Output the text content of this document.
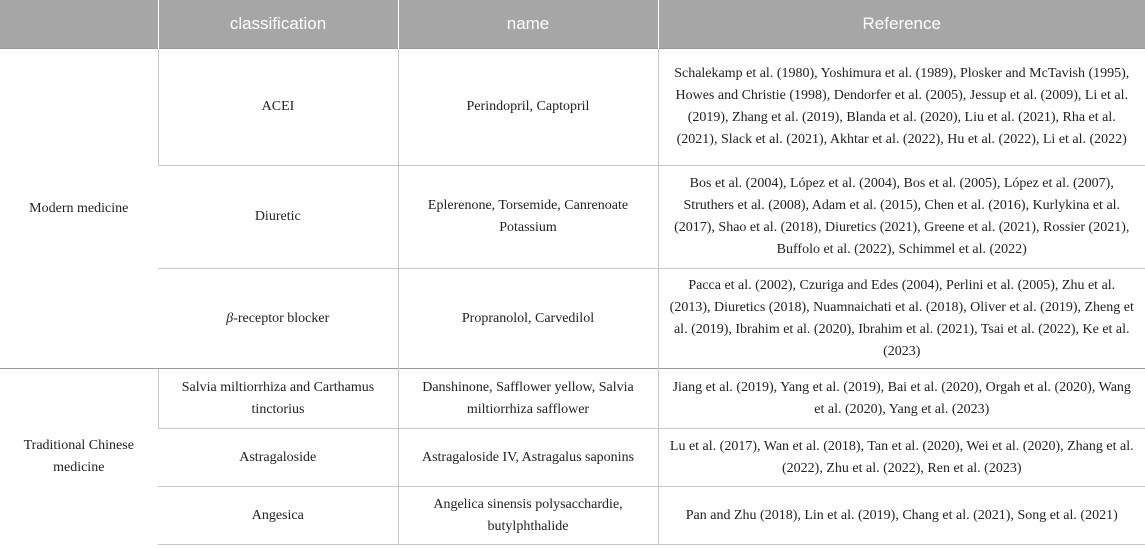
	classification	name	Reference
Modern medicine	ACEI	Perindopril, Captopril	Schalekamp et al. (1980), Yoshimura et al. (1989), Plosker and McTavish (1995), Howes and Christie (1998), Dendorfer et al. (2005), Jessup et al. (2009), Li et al. (2019), Zhang et al. (2019), Blanda et al. (2020), Liu et al. (2021), Rha et al. (2021), Slack et al. (2021), Akhtar et al. (2022), Hu et al. (2022), Li et al. (2022)
	Diuretic	Eplerenone, Torsemide, Canrenoate Potassium	Bos et al. (2004), López et al. (2004), Bos et al. (2005), López et al. (2007), Struthers et al. (2008), Adam et al. (2015), Chen et al. (2016), Kurlykina et al. (2017), Shao et al. (2018), Diuretics (2021), Greene et al. (2021), Rossier (2021), Buffolo et al. (2022), Schimmel et al. (2022)
	β-receptor blocker	Propranolol, Carvedilol	Pacca et al. (2002), Czuriga and Edes (2004), Perlini et al. (2005), Zhu et al. (2013), Diuretics (2018), Nuamnaichati et al. (2018), Oliver et al. (2019), Zheng et al. (2019), Ibrahim et al. (2020), Ibrahim et al. (2021), Tsai et al. (2022), Ke et al. (2023)
Traditional Chinese medicine	Salvia miltiorrhiza and Carthamus tinctorius	Danshinone, Safflower yellow, Salvia miltiorrhiza safflower	Jiang et al. (2019), Yang et al. (2019), Bai et al. (2020), Orgah et al. (2020), Wang et al. (2020), Yang et al. (2023)
	Astragaloside	Astragaloside IV, Astragalus saponins	Lu et al. (2017), Wan et al. (2018), Tan et al. (2020), Wei et al. (2020), Zhang et al. (2022), Zhu et al. (2022), Ren et al. (2023)
	Angesica	Angelica sinensis polysacchardie, butylphthalide	Pan and Zhu (2018), Lin et al. (2019), Chang et al. (2021), Song et al. (2021)
